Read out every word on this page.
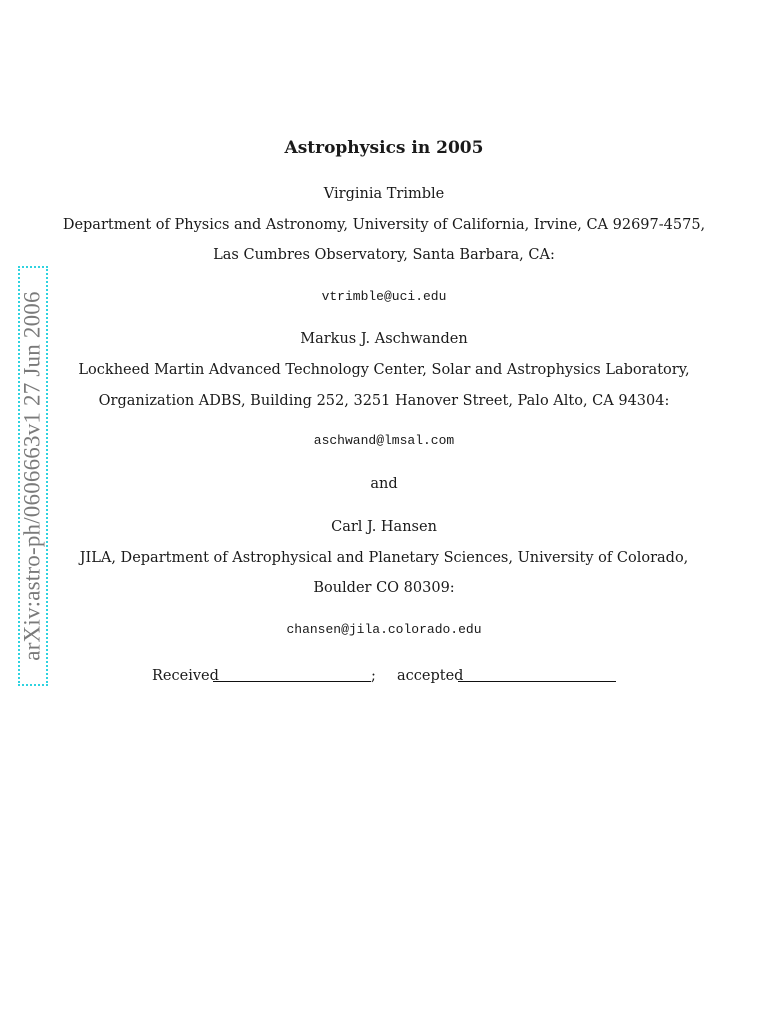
arXiv:astro-ph/0606663v1 27 Jun 2006
Astrophysics in 2005
Virginia Trimble
Department of Physics and Astronomy, University of California, Irvine, CA 92697-4575,
Las Cumbres Observatory, Santa Barbara, CA:
vtrimble@uci.edu
Markus J. Aschwanden
Lockheed Martin Advanced Technology Center, Solar and Astrophysics Laboratory,
Organization ADBS, Building 252, 3251 Hanover Street, Palo Alto, CA 94304:
aschwand@lmsal.com
and
Carl J. Hansen
JILA, Department of Astrophysical and Planetary Sciences, University of Colorado,
Boulder CO 80309:
chansen@jila.colorado.edu
Received	; accepted
